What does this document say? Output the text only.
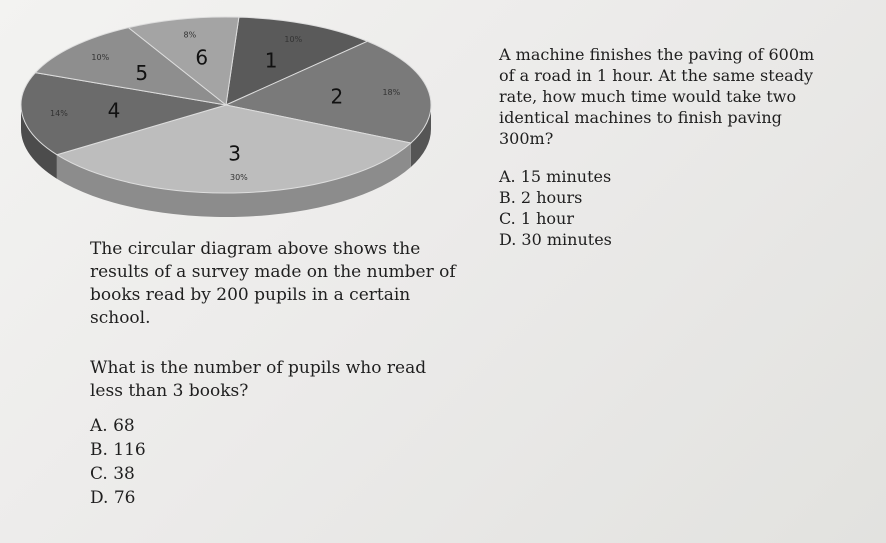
1
10%
2	18%
3
30%
4
14%
5
10%	6
8%
A machine finishes the paving of 600m of a road in 1 hour. At the same steady rate, how much time would take two identical machines to finish paving 300m?
A. 15 minutes
B. 2 hours
C. 1 hour
D. 30 minutes
The circular diagram above shows the results of a survey made on the number of books read by 200 pupils in a certain school.
What is the number of pupils who read less than 3 books?
A. 68
B. 116
C. 38
D. 76
